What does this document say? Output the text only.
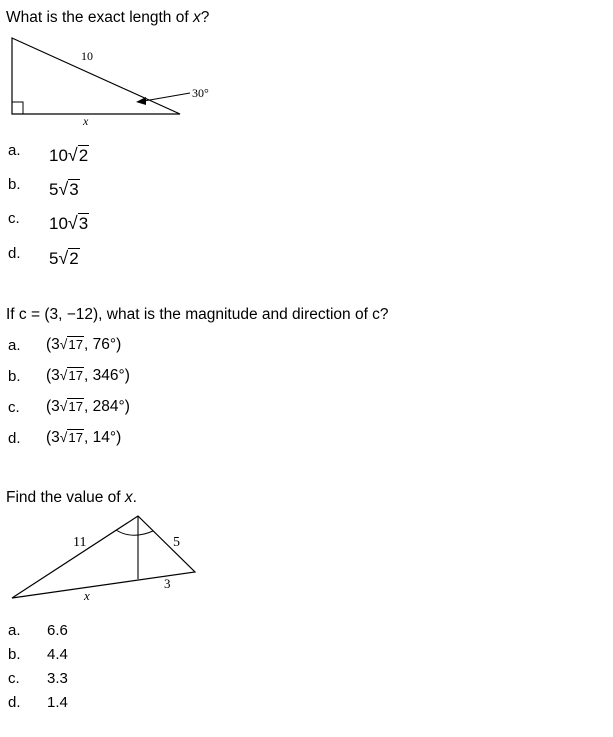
What is the exact length of x?
10
30°
x
a. 10√2
b. 5√3
c. 10√3
d. 5√2
If c = (3, −12), what is the magnitude and direction of c?
a. (3√17, 76°)
b. (3√17, 346°)
c. (3√17, 284°)
d. (3√17, 14°)
Find the value of x.
11	5
3
x
a. 6.6
b. 4.4
c. 3.3
d. 1.4
